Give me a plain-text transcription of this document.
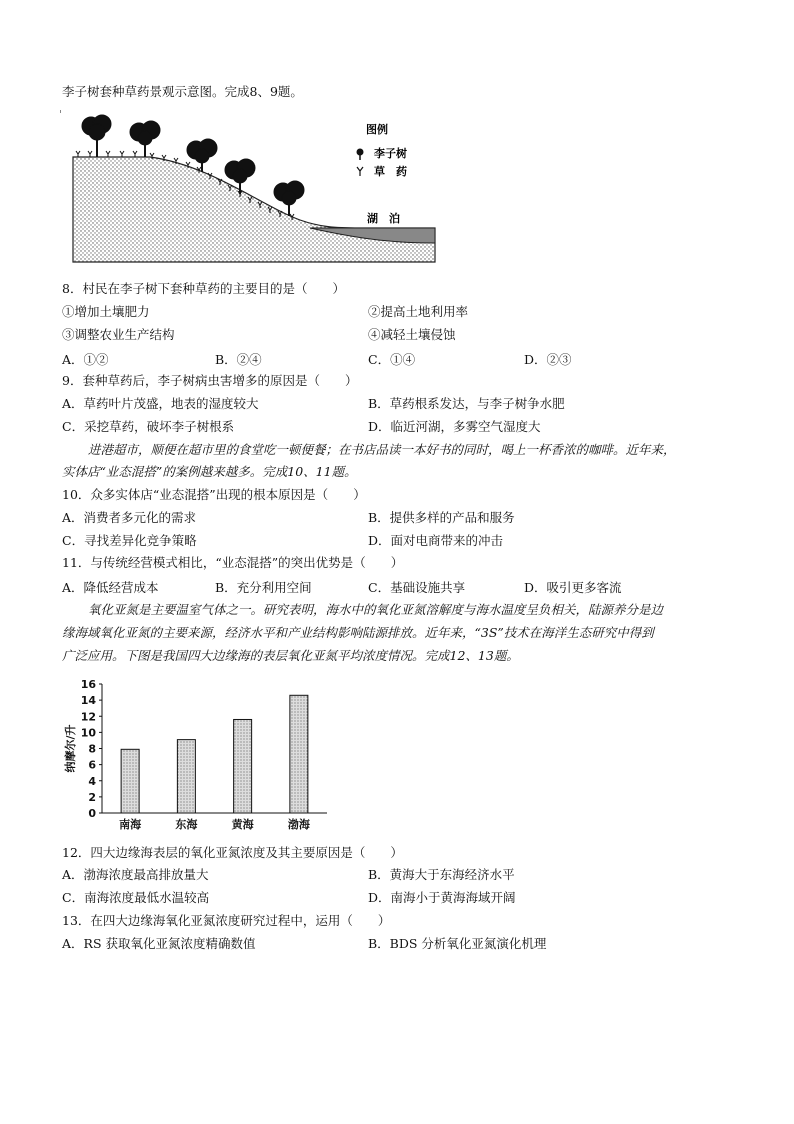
李子树套种草药景观示意图。完成8、9题。
图例
李子树
草　药
湖　泊
8．村民在李子树下套种草药的主要目的是（　　）
①增加土壤肥力	②提高土地利用率
③调整农业生产结构	④减轻土壤侵蚀
A．①②	B．②④	C．①④	D．②③
9．套种草药后，李子树病虫害增多的原因是（　　）
A．草药叶片茂盛，地表的湿度较大	B．草药根系发达，与李子树争水肥
C．采挖草药，破坏李子树根系	D．临近河湖，多雾空气湿度大
进港超市，顺便在超市里的食堂吃一顿便餐；在书店品读一本好书的同时，喝上一杯香浓的咖啡。近年来，
实体店“业态混搭”的案例越来越多。完成10、11题。
10．众多实体店“业态混搭”出现的根本原因是（　　）
A．消费者多元化的需求	B．提供多样的产品和服务
C．寻找差异化竞争策略	D．面对电商带来的冲击
11．与传统经营模式相比，“业态混搭”的突出优势是（　　）
A．降低经营成本	B．充分利用空间	C．基础设施共享	D．吸引更多客流
氧化亚氮是主要温室气体之一。研究表明，海水中的氧化亚氮溶解度与海水温度呈负相关，陆源养分是边
缘海域氧化亚氮的主要来源，经济水平和产业结构影响陆源排放。近年来，“3S”技术在海洋生态研究中得到
广泛应用。下图是我国四大边缘海的表层氧化亚氮平均浓度情况。完成12、13题。
0
2
4
6
8
10
12
14
16
南海	东海	黄海	渤海
纳摩尔/升
12．四大边缘海表层的氧化亚氮浓度及其主要原因是（　　）
A．渤海浓度最高排放量大	B．黄海大于东海经济水平
C．南海浓度最低水温较高	D．南海小于黄海海域开阔
13．在四大边缘海氧化亚氮浓度研究过程中，运用（　　）
A．RS 获取氧化亚氮浓度精确数值	B．BDS 分析氧化亚氮演化机理
